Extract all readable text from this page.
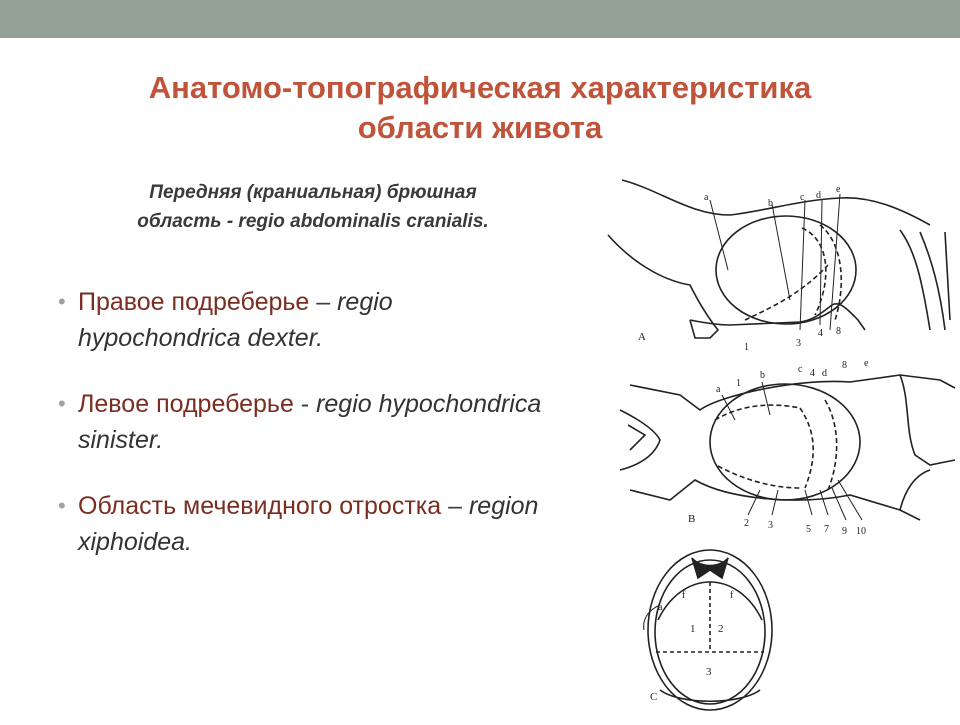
Анатомо-топографическая характеристика
области живота
Передняя (краниальная) брюшная
область - regio abdominalis cranialis.
• Правое подреберье – regio hypochondrica dexter.
• Левое подреберье - regio hypochondrica sinister.
• Область мечевидного отростка – region xiphoidea.
a
b
c d
e
1	3
4 8
A
a
1
b
c 4 d
8 e
2 3	5 7 9 10
B
a
f	f
1 2
3
C
